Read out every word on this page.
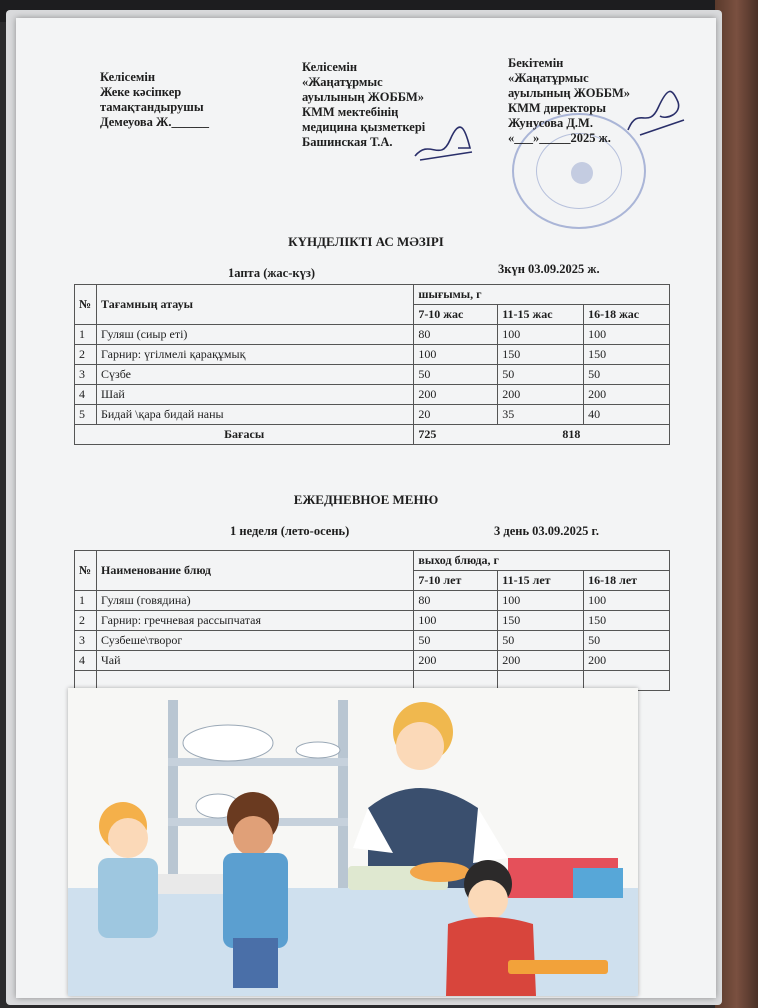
Келісемін
Жеке кәсіпкер
тамақтандырушы
Демеуова Ж.______
Келісемін
«Жаңатұрмыс
ауылының ЖОББМ»
КММ мектебінің
медицина қызметкері
Башинская Т.А.
Бекітемін
«Жаңатұрмыс
ауылының ЖОББМ»
КММ директоры
Жунусова Д.М.
«___»_____2025 ж.
КҮНДЕЛІКТІ АС МӘЗІРІ
1апта (жас-күз)	3күн 03.09.2025 ж.
№	Тағамның атауы	шығымы, г		
		7-10 жас	11-15 жас	16-18 жас
1	Гуляш (сиыр еті)	80	100	100
2	Гарнир: үгілмелі қарақұмық	100	150	150
3	Сүзбе	50	50	50
4	Шай	200	200	200
5	Бидай \қара бидай наны	20	35	40
Бағасы		725 818		
ЕЖЕДНЕВНОЕ МЕНЮ
1 неделя (лето-осень)	3 день 03.09.2025 г.
№	Наименование блюд	выход блюда, г		
		7-10 лет	11-15 лет	16-18 лет
1	Гуляш (говядина)	80	100	100
2	Гарнир: гречневая рассыпчатая	100	150	150
3	Сузбеше\творог	50	50	50
4	Чай	200	200	200
